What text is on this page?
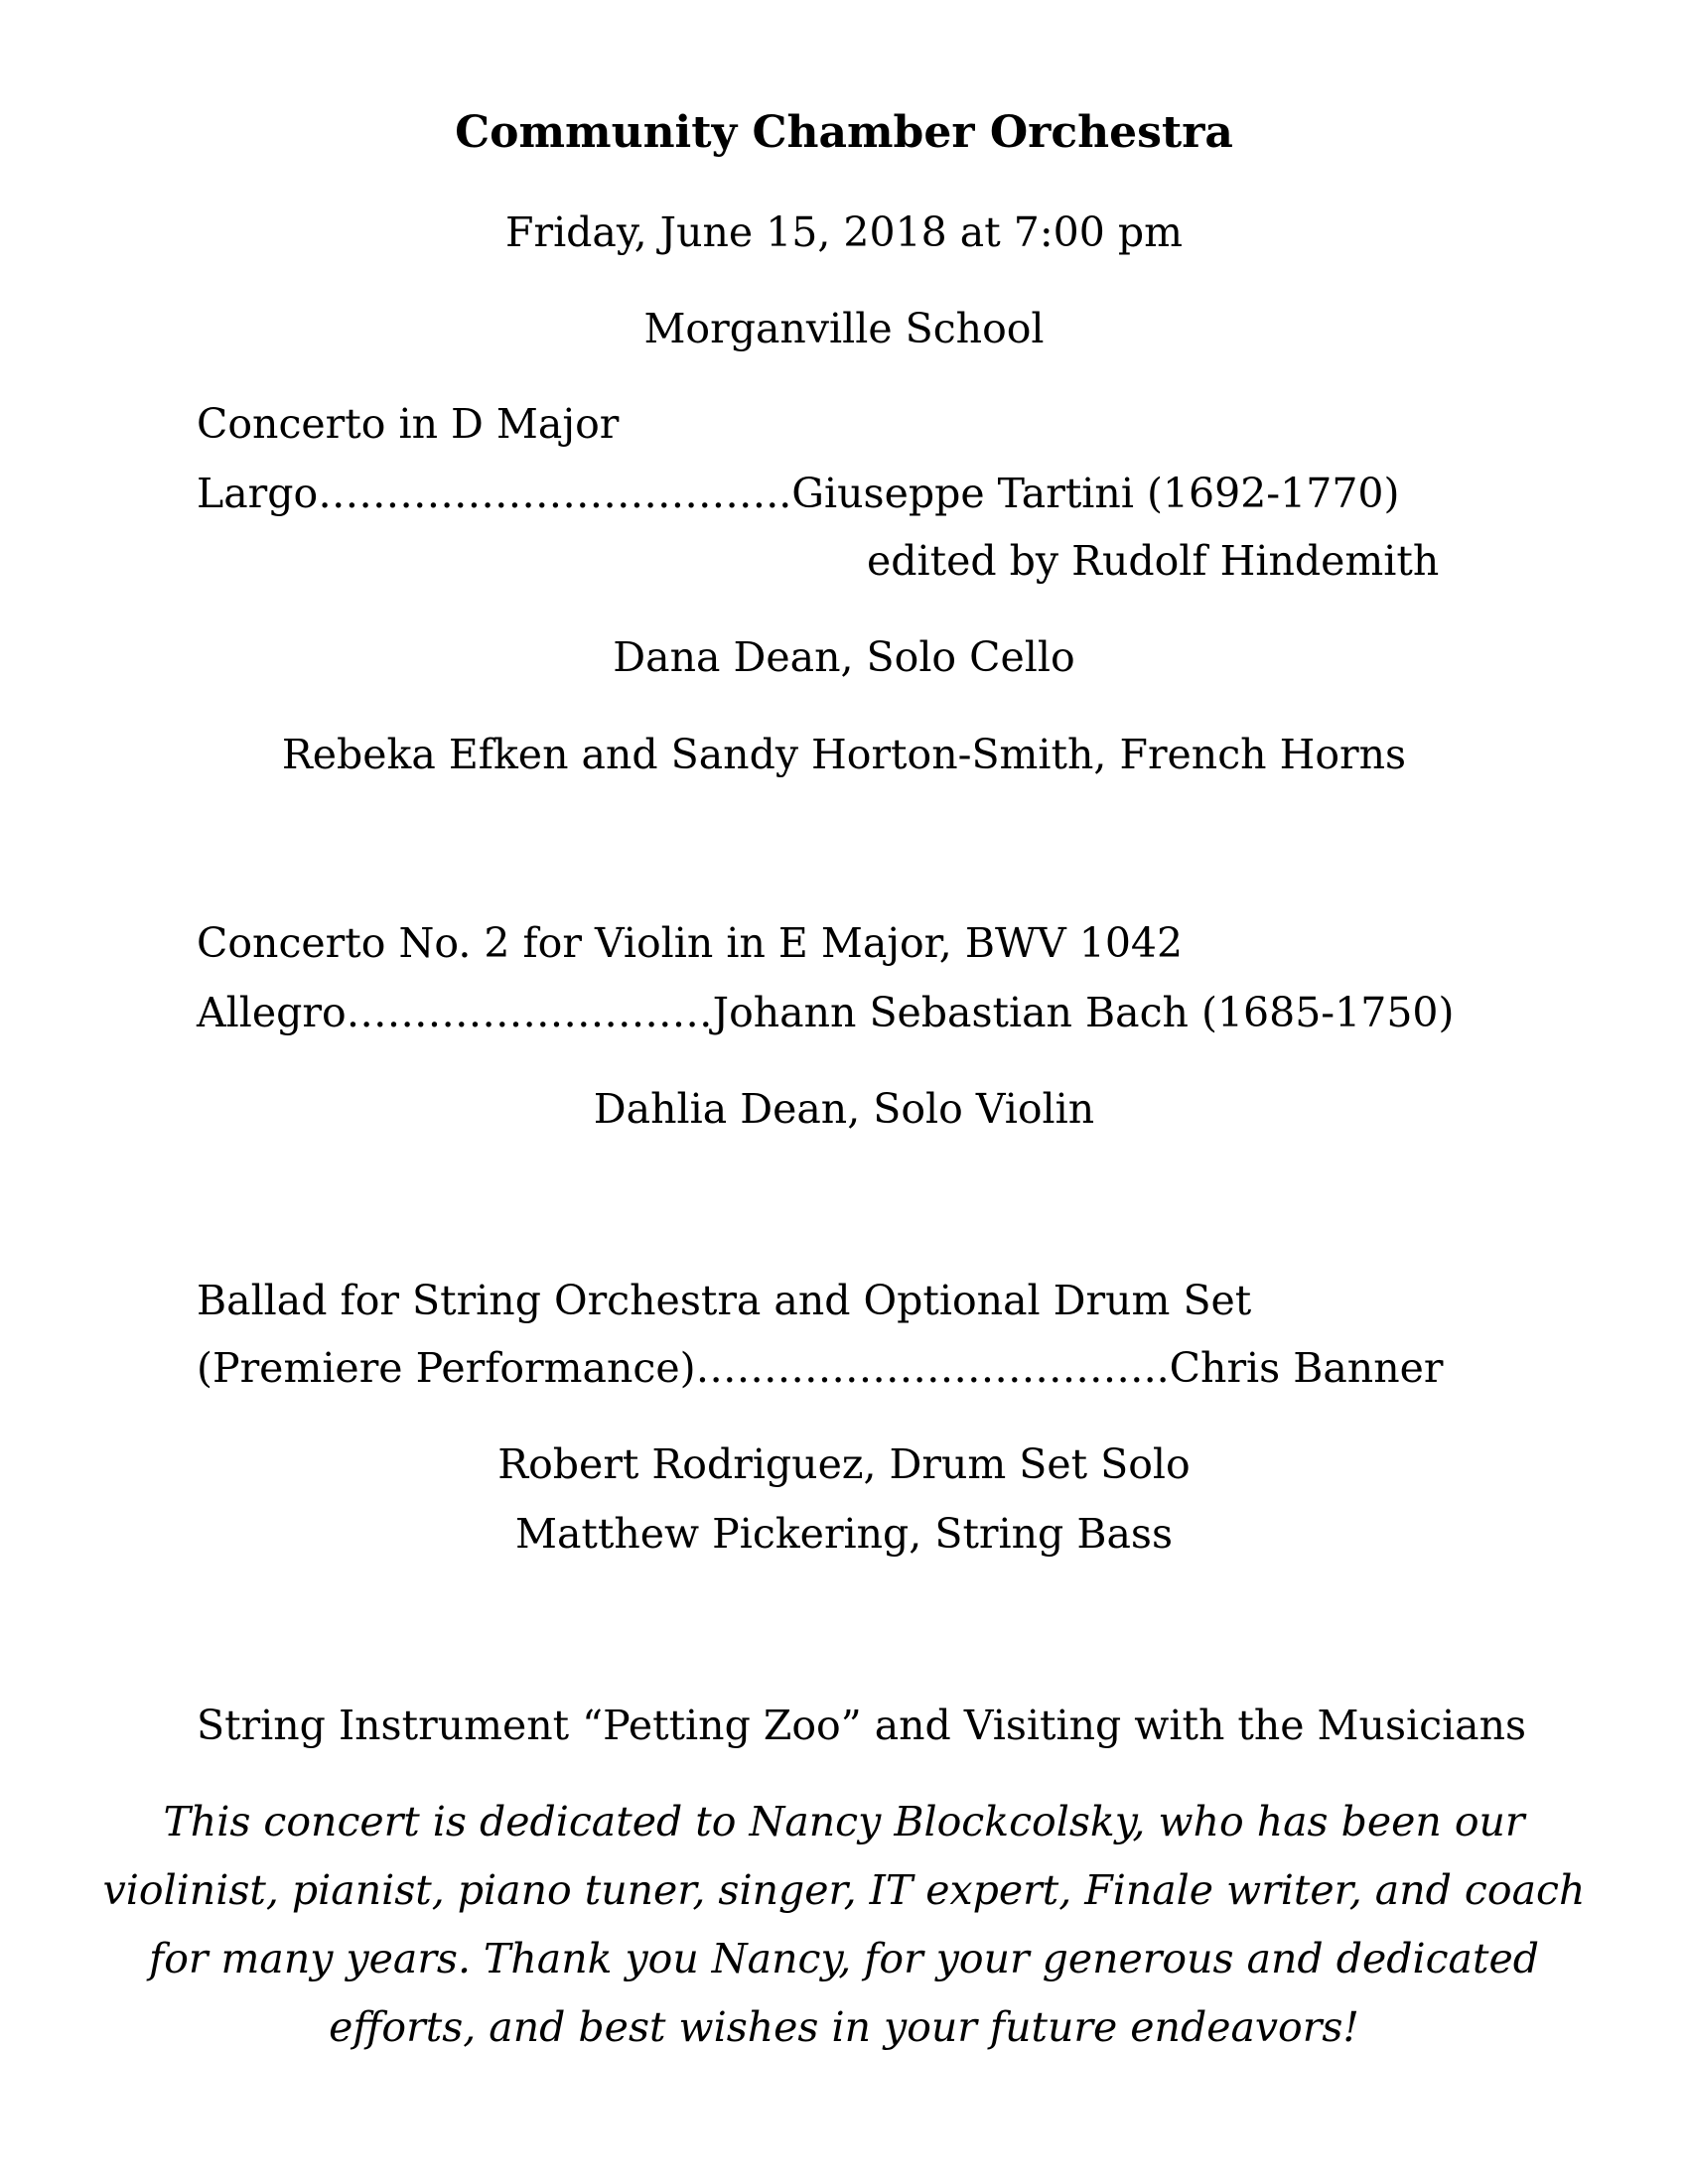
Community Chamber Orchestra
Friday, June 15, 2018 at 7:00 pm
Morganville School
Concerto in D Major
Largo……………………………..Giuseppe Tartini (1692-1770)
edited by Rudolf Hindemith
Dana Dean, Solo Cello
Rebeka Efken and Sandy Horton-Smith, French Horns
Concerto No. 2 for Violin in E Major, BWV 1042
Allegro………………………Johann Sebastian Bach (1685-1750)
Dahlia Dean, Solo Violin
Ballad for String Orchestra and Optional Drum Set
(Premiere Performance)……………………………..Chris Banner
Robert Rodriguez, Drum Set Solo
Matthew Pickering, String Bass
String Instrument “Petting Zoo” and Visiting with the Musicians
This concert is dedicated to Nancy Blockcolsky, who has been our
violinist, pianist, piano tuner, singer, IT expert, Finale writer, and coach
for many years. Thank you Nancy, for your generous and dedicated
efforts, and best wishes in your future endeavors!
